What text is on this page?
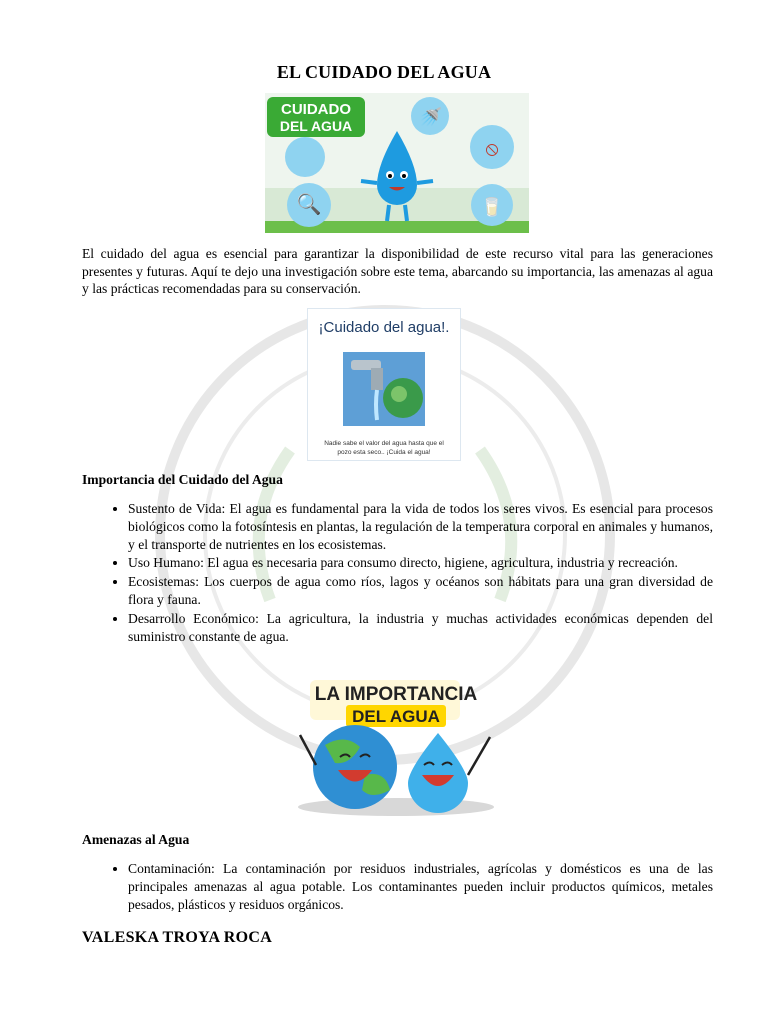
EL CUIDADO DEL AGUA
CUIDADO
DEL AGUA
🔍
🚿
⦸
🥛
El cuidado del agua es esencial para garantizar la disponibilidad de este recurso vital para las generaciones presentes y futuras. Aquí te dejo una investigación sobre este tema, abarcando su importancia, las amenazas al agua y las prácticas recomendadas para su conservación.
¡Cuidado del agua!.
Nadie sabe el valor del agua hasta que el
pozo esta seco.. ¡Cuida el agua!
Importancia del Cuidado del Agua
• Sustento de Vida: El agua es fundamental para la vida de todos los seres vivos. Es esencial para procesos biológicos como la fotosíntesis en plantas, la regulación de la temperatura corporal en animales y humanos, y el transporte de nutrientes en los ecosistemas.
• Uso Humano: El agua es necesaria para consumo directo, higiene, agricultura, industria y recreación.
• Ecosistemas: Los cuerpos de agua como ríos, lagos y océanos son hábitats para una gran diversidad de flora y fauna.
• Desarrollo Económico: La agricultura, la industria y muchas actividades económicas dependen del suministro constante de agua.
LA IMPORTANCIA
DEL AGUA
Amenazas al Agua
• Contaminación: La contaminación por residuos industriales, agrícolas y domésticos es una de las principales amenazas al agua potable. Los contaminantes pueden incluir productos químicos, metales pesados, plásticos y residuos orgánicos.
VALESKA TROYA ROCA
